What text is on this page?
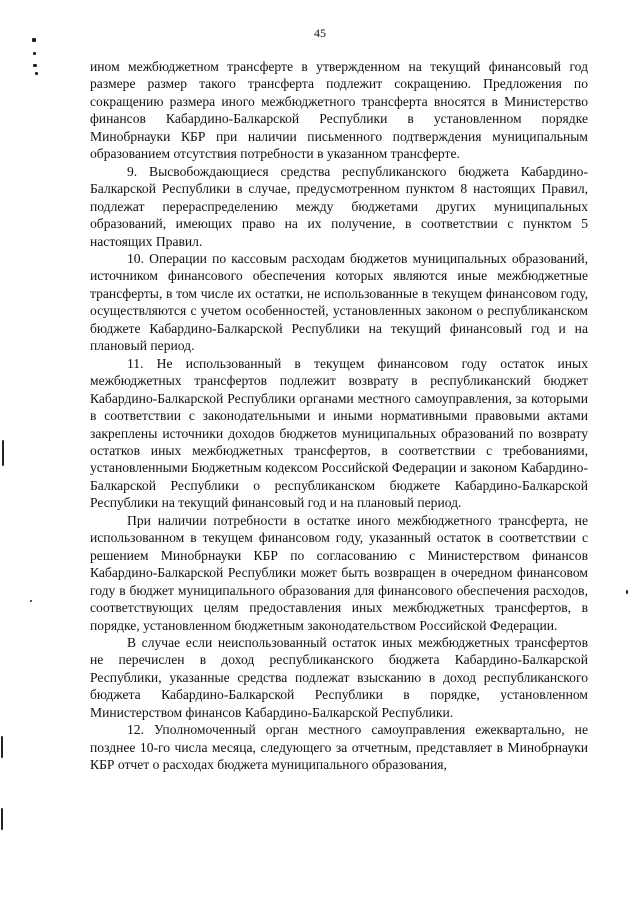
45

ином межбюджетном трансферте в утвержденном на текущий финансовый год размере размер такого трансферта подлежит сокращению. Предложения по сокращению размера иного межбюджетного трансферта вносятся в Министерство финансов Кабардино-Балкарской Республики в установленном порядке Минобрнауки КБР при наличии письменного подтверждения муниципальным образованием отсутствия потребности в указанном трансферте.

9. Высвобождающиеся средства республиканского бюджета Кабардино-Балкарской Республики в случае, предусмотренном пунктом 8 настоящих Правил, подлежат перераспределению между бюджетами других муниципальных образований, имеющих право на их получение, в соответствии с пунктом 5 настоящих Правил.

10. Операции по кассовым расходам бюджетов муниципальных образований, источником финансового обеспечения которых являются иные межбюджетные трансферты, в том числе их остатки, не использованные в текущем финансовом году, осуществляются с учетом особенностей, установленных законом о республиканском бюджете Кабардино-Балкарской Республики на текущий финансовый год и на плановый период.

11. Не использованный в текущем финансовом году остаток иных межбюджетных трансфертов подлежит возврату в республиканский бюджет Кабардино-Балкарской Республики органами местного самоуправления, за которыми в соответствии с законодательными и иными нормативными правовыми актами закреплены источники доходов бюджетов муниципальных образований по возврату остатков иных межбюджетных трансфертов, в соответствии с требованиями, установленными Бюджетным кодексом Российской Федерации и законом Кабардино-Балкарской Республики о республиканском бюджете Кабардино-Балкарской Республики на текущий финансовый год и на плановый период.

При наличии потребности в остатке иного межбюджетного трансферта, не использованном в текущем финансовом году, указанный остаток в соответствии с решением Минобрнауки КБР по согласованию с Министерством финансов Кабардино-Балкарской Республики может быть возвращен в очередном финансовом году в бюджет муниципального образования для финансового обеспечения расходов, соответствующих целям предоставления иных межбюджетных трансфертов, в порядке, установленном бюджетным законодательством Российской Федерации.

В случае если неиспользованный остаток иных межбюджетных трансфертов не перечислен в доход республиканского бюджета Кабардино-Балкарской Республики, указанные средства подлежат взысканию в доход республиканского бюджета Кабардино-Балкарской Республики в порядке, установленном Министерством финансов Кабардино-Балкарской Республики.

12. Уполномоченный орган местного самоуправления ежеквартально, не позднее 10-го числа месяца, следующего за отчетным, представляет в Минобрнауки КБР отчет о расходах бюджета муниципального образования,
